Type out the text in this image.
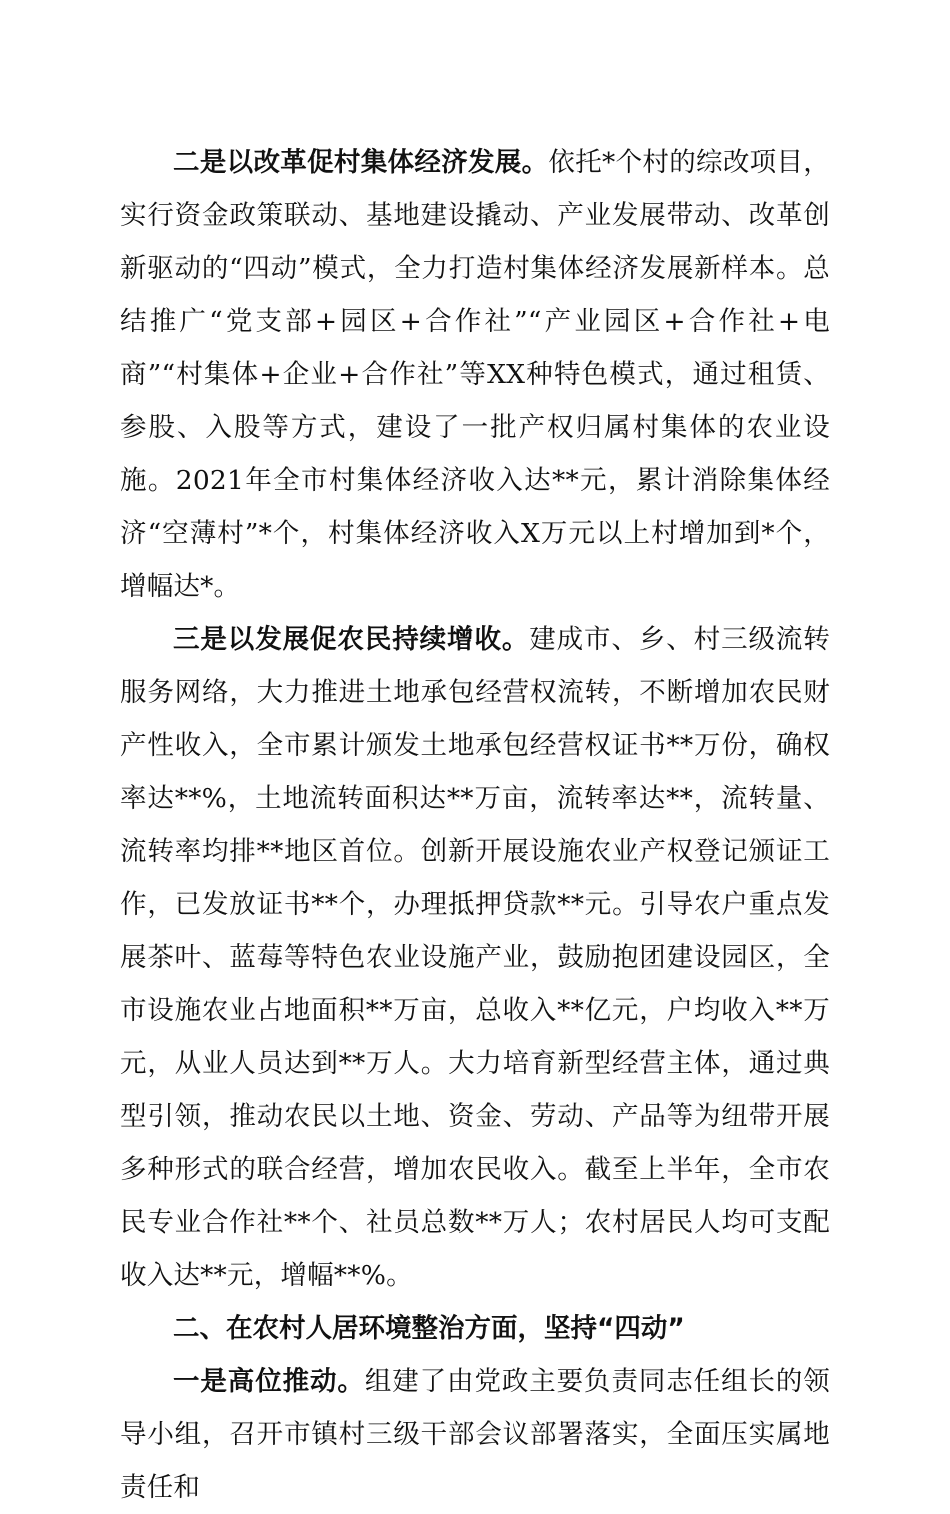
二是以改革促村集体经济发展。依托*个村的综改项目，实行资金政策联动、基地建设撬动、产业发展带动、改革创新驱动的“四动”模式，全力打造村集体经济发展新样本。总结推广“党支部+园区+合作社”“产业园区+合作社+电商”“村集体+企业+合作社”等XX种特色模式，通过租赁、参股、入股等方式，建设了一批产权归属村集体的农业设施。2021年全市村集体经济收入达**元，累计消除集体经济“空薄村”*个，村集体经济收入X万元以上村增加到*个，增幅达*。

三是以发展促农民持续增收。建成市、乡、村三级流转服务网络，大力推进土地承包经营权流转，不断增加农民财产性收入，全市累计颁发土地承包经营权证书**万份，确权率达**%，土地流转面积达**万亩，流转率达**，流转量、流转率均排**地区首位。创新开展设施农业产权登记颁证工作，已发放证书**个，办理抵押贷款**元。引导农户重点发展茶叶、蓝莓等特色农业设施产业，鼓励抱团建设园区，全市设施农业占地面积**万亩，总收入**亿元，户均收入**万元，从业人员达到**万人。大力培育新型经营主体，通过典型引领，推动农民以土地、资金、劳动、产品等为纽带开展多种形式的联合经营，增加农民收入。截至上半年，全市农民专业合作社**个、社员总数**万人；农村居民人均可支配收入达**元，增幅**%。

二、在农村人居环境整治方面，坚持“四动”

一是高位推动。组建了由党政主要负责同志任组长的领导小组，召开市镇村三级干部会议部署落实，全面压实属地责任和
